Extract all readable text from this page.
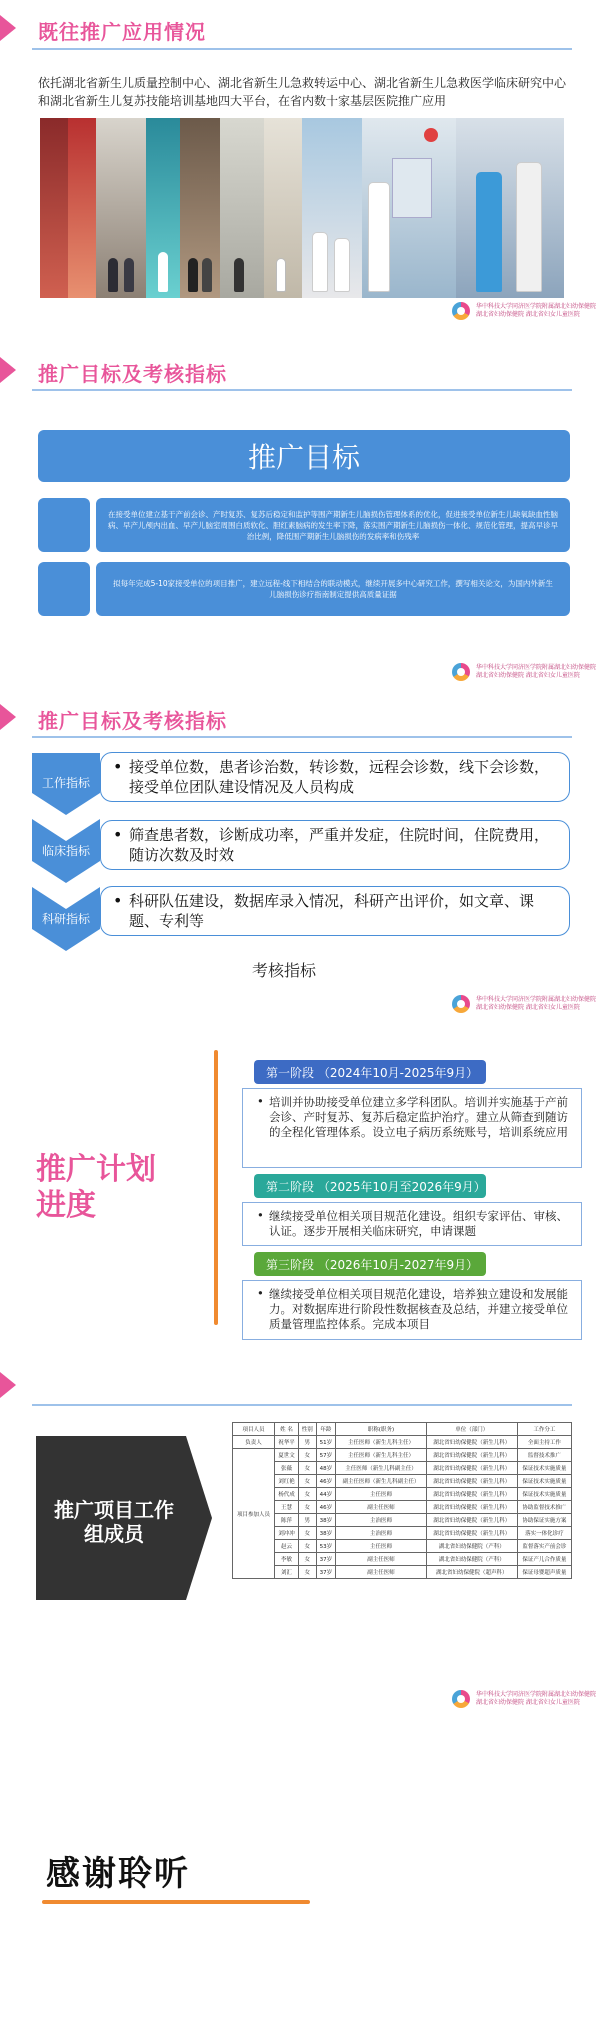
既往推广应用情况
依托湖北省新生儿质量控制中心、湖北省新生儿急救转运中心、湖北省新生儿急救医学临床研究中心和湖北省新生儿复苏技能培训基地四大平台，在省内数十家基层医院推广应用
华中科技大学同济医学院附属湖北妇幼保健院
湖北省妇幼保健院 湖北省妇女儿童医院
推广目标及考核指标
推广目标
在接受单位建立基于产前会诊、产时复苏、复苏后稳定和监护等围产期新生儿脑损伤管理体系的优化，促进接受单位新生儿缺氧缺血性脑病、早产儿颅内出血、早产儿脑室周围白质软化、胆红素脑病的发生率下降，落实围产期新生儿脑损伤一体化、规范化管理，提高早诊早治比例，降低围产期新生儿脑损伤的发病率和伤残率
拟每年完成5-10家接受单位的项目推广，建立远程-线下相结合的联动模式，继续开展多中心研究工作，撰写相关论文，为国内外新生儿脑损伤诊疗指南制定提供高质量证据
华中科技大学同济医学院附属湖北妇幼保健院
湖北省妇幼保健院 湖北省妇女儿童医院
推广目标及考核指标
工作指标
临床指标
科研指标
• 接受单位数，患者诊治数，转诊数，远程会诊数，线下会诊数，接受单位团队建设情况及人员构成
• 筛查患者数，诊断成功率，严重并发症，住院时间，住院费用，随访次数及时效
• 科研队伍建设，数据库录入情况，科研产出评价，如文章、课题、专利等
考核指标
华中科技大学同济医学院附属湖北妇幼保健院
湖北省妇幼保健院 湖北省妇女儿童医院
推广计划
进度
第一阶段 （2024年10月-2025年9月）
• 培训并协助接受单位建立多学科团队。培训并实施基于产前会诊、产时复苏、复苏后稳定监护治疗。建立从筛查到随访的全程化管理体系。设立电子病历系统账号，培训系统应用
第二阶段 （2025年10月至2026年9月）
• 继续接受单位相关项目规范化建设。组织专家评估、审核、认证。逐步开展相关临床研究，申请课题
第三阶段 （2026年10月-2027年9月）
• 继续接受单位相关项目规范化建设，培养独立建设和发展能力。对数据库进行阶段性数据核查及总结，并建立接受单位质量管理监控体系。完成本项目
推广项目工作组成员
项目人员	姓 名	性别	年龄	职称(职务)	单位（部门）	工作分工
负责人	祝华平	男	51岁	主任医师（新生儿科主任）	湖北省妇幼保健院（新生儿科）	全面主持工作
项目参加人员	夏世文	女	57岁	主任医师（新生儿科主任）	湖北省妇幼保健院（新生儿科）	监督技术推广
	张薇	女	48岁	主任医师（新生儿科副主任）	湖北省妇幼保健院（新生儿科）	保证技术实施质量
	刘红艳	女	46岁	副主任医师（新生儿科副主任）	湖北省妇幼保健院（新生儿科）	保证技术实施质量
	杨代成	女	44岁	主任医师	湖北省妇幼保健院（新生儿科）	保证技术实施质量
	王慧	女	46岁	副主任医师	湖北省妇幼保健院（新生儿科）	协助监督技术推广
	陈萍	男	38岁	主治医师	湖北省妇幼保健院（新生儿科）	协助保证实施方案
	刘冲冲	女	38岁	主治医师	湖北省妇幼保健院（新生儿科）	落实一体化诊疗
	赵云	女	53岁	主任医师	湖北省妇幼保健院（产科）	监督落实产前会诊
	李敏	女	37岁	副主任医师	湖北省妇幼保健院（产科）	保证产儿合作质量
	刘汇	女	37岁	副主任医师	湖北省妇幼保健院（超声科）	保证母婴超声质量
华中科技大学同济医学院附属湖北妇幼保健院
湖北省妇幼保健院 湖北省妇女儿童医院
感谢聆听
